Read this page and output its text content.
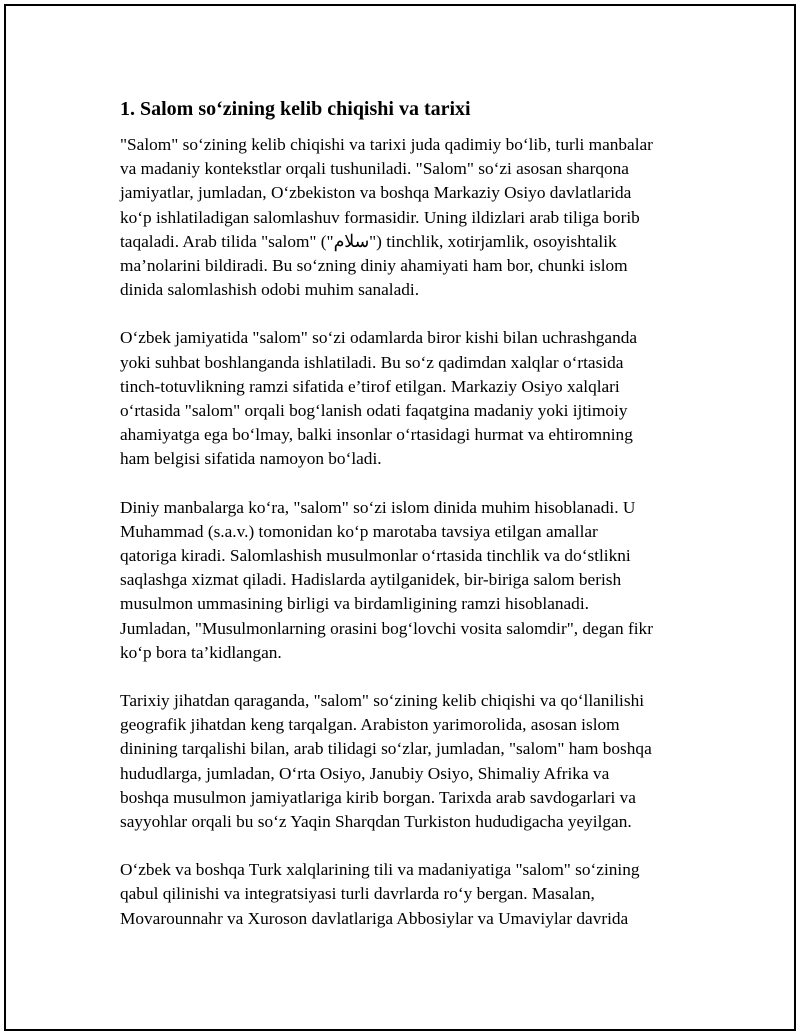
1. Salom so‘zining kelib chiqishi va tarixi
"Salom" so‘zining kelib chiqishi va tarixi juda qadimiy bo‘lib, turli manbalar
va madaniy kontekstlar orqali tushuniladi. "Salom" so‘zi asosan sharqona
jamiyatlar, jumladan, O‘zbekiston va boshqa Markaziy Osiyo davlatlarida
ko‘p ishlatiladigan salomlashuv formasidir. Uning ildizlari arab tiliga borib
taqaladi. Arab tilida "salom" ("سلام") tinchlik, xotirjamlik, osoyishtalik
ma’nolarini bildiradi. Bu so‘zning diniy ahamiyati ham bor, chunki islom
dinida salomlashish odobi muhim sanaladi.
O‘zbek jamiyatida "salom" so‘zi odamlarda biror kishi bilan uchrashganda
yoki suhbat boshlanganda ishlatiladi. Bu so‘z qadimdan xalqlar o‘rtasida
tinch-totuvlikning ramzi sifatida e’tirof etilgan. Markaziy Osiyo xalqlari
o‘rtasida "salom" orqali bog‘lanish odati faqatgina madaniy yoki ijtimoiy
ahamiyatga ega bo‘lmay, balki insonlar o‘rtasidagi hurmat va ehtiromning
ham belgisi sifatida namoyon bo‘ladi.
Diniy manbalarga ko‘ra, "salom" so‘zi islom dinida muhim hisoblanadi. U
Muhammad (s.a.v.) tomonidan ko‘p marotaba tavsiya etilgan amallar
qatoriga kiradi. Salomlashish musulmonlar o‘rtasida tinchlik va do‘stlikni
saqlashga xizmat qiladi. Hadislarda aytilganidek, bir-biriga salom berish
musulmon ummasining birligi va birdamligining ramzi hisoblanadi.
Jumladan, "Musulmonlarning orasini bog‘lovchi vosita salomdir", degan fikr
ko‘p bora ta’kidlangan.
Tarixiy jihatdan qaraganda, "salom" so‘zining kelib chiqishi va qo‘llanilishi
geografik jihatdan keng tarqalgan. Arabiston yarimorolida, asosan islom
dinining tarqalishi bilan, arab tilidagi so‘zlar, jumladan, "salom" ham boshqa
hududlarga, jumladan, O‘rta Osiyo, Janubiy Osiyo, Shimaliy Afrika va
boshqa musulmon jamiyatlariga kirib borgan. Tarixda arab savdogarlari va
sayyohlar orqali bu so‘z Yaqin Sharqdan Turkiston hududigacha yeyilgan.
O‘zbek va boshqa Turk xalqlarining tili va madaniyatiga "salom" so‘zining
qabul qilinishi va integratsiyasi turli davrlarda ro‘y bergan. Masalan,
Movarounnahr va Xuroson davlatlariga Abbosiylar va Umaviylar davrida
